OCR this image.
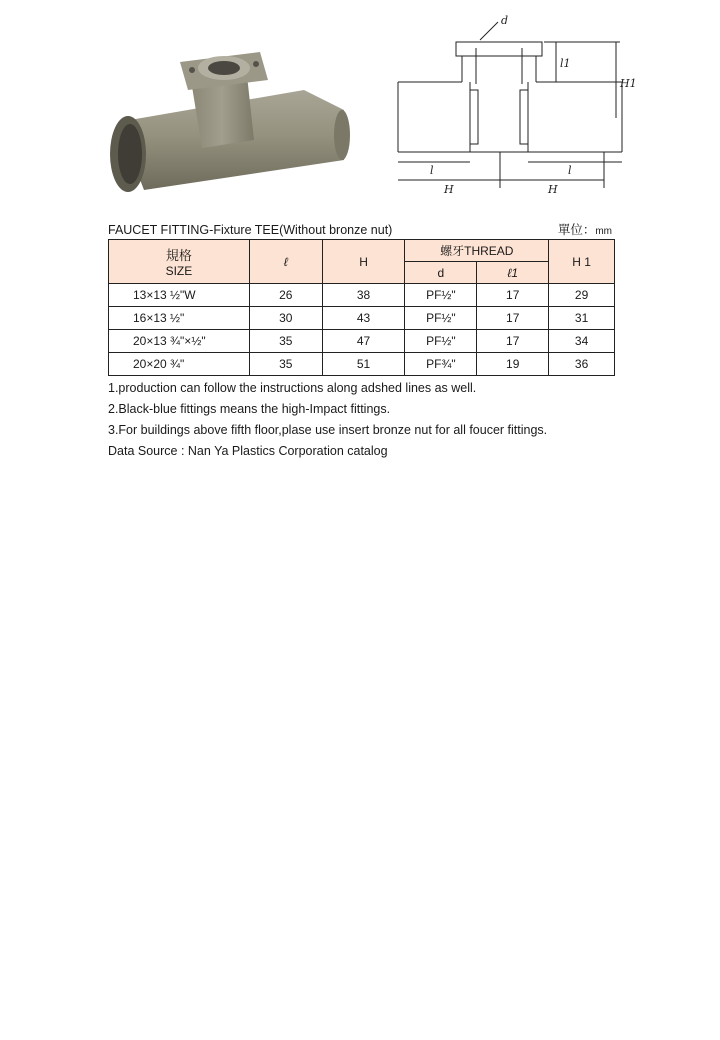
d
l1
H1
l	l
H	H
FAUCET FITTING-Fixture TEE(Without bronze nut)	單位：mm
規格
SIZE	ℓ	H	螺牙THREAD		H 1
			d	ℓ1	
13×13 ½"W	26	38	PF½"	17	29
16×13 ½"	30	43	PF½"	17	31
20×13 ¾"×½"	35	47	PF½"	17	34
20×20 ¾"	35	51	PF¾"	19	36
1.production can follow the instructions along adshed lines as well.
2.Black-blue fittings means the high-Impact fittings.
3.For buildings above fifth floor,plase use insert bronze nut for all foucer fittings.
Data Source : Nan Ya Plastics Corporation catalog
